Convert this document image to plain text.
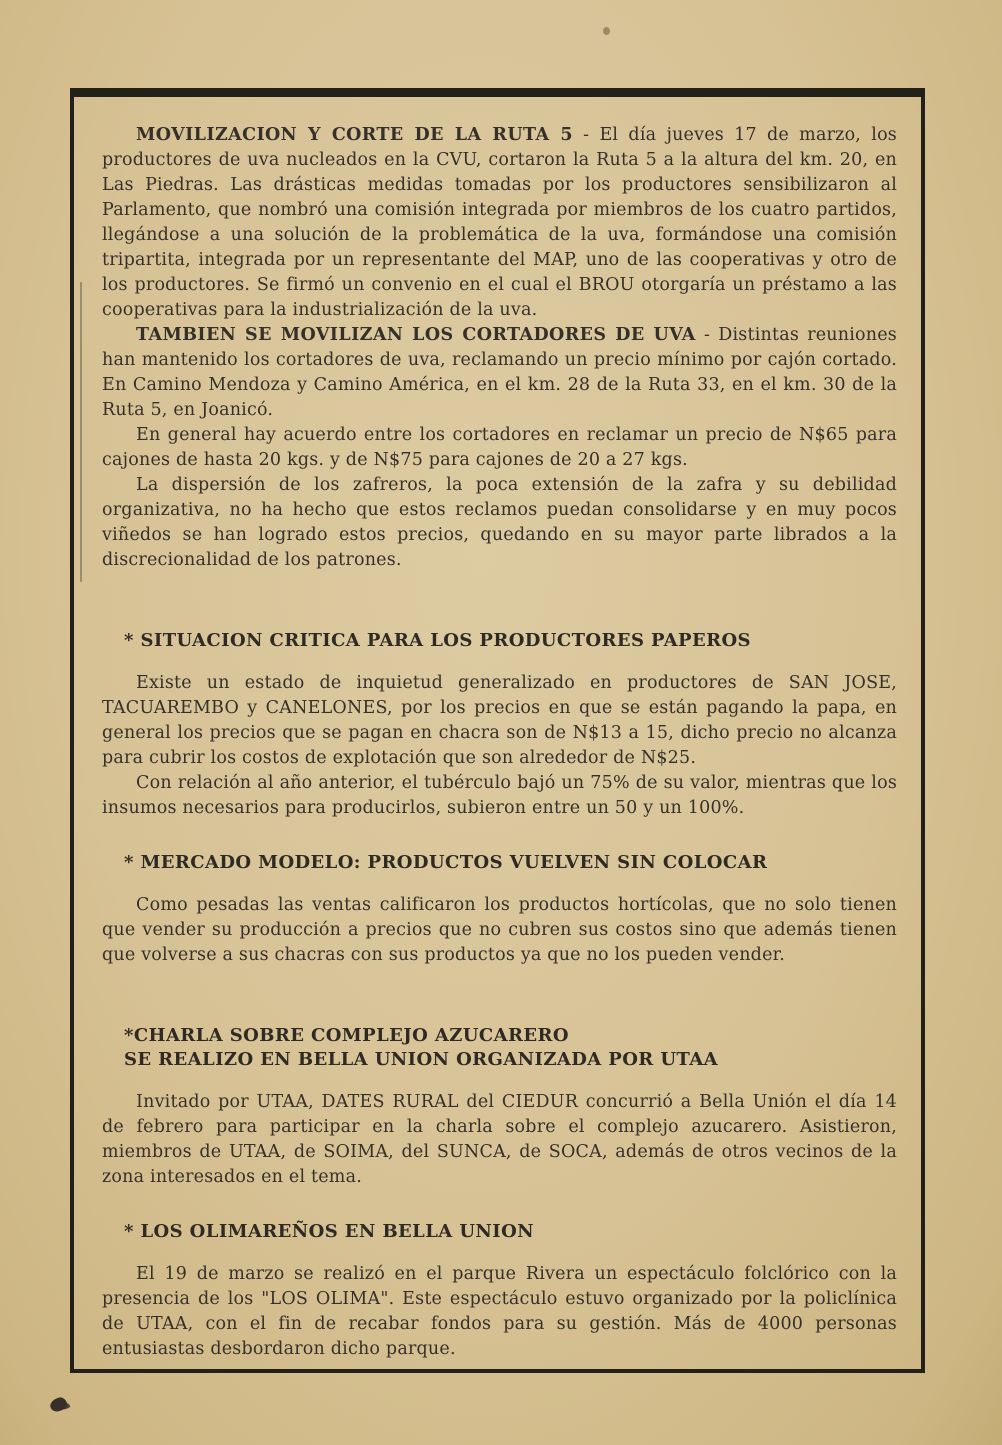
MOVILIZACION Y CORTE DE LA RUTA 5 - El día jueves 17 de marzo, los productores de uva nucleados en la CVU, cortaron la Ruta 5 a la altura del km. 20, en Las Piedras. Las drásticas medidas tomadas por los productores sensibilizaron al Parlamento, que nombró una comisión integrada por miembros de los cuatro partidos, llegándose a una solución de la problemática de la uva, formándose una comisión tripartita, integrada por un representante del MAP, uno de las cooperativas y otro de los productores. Se firmó un convenio en el cual el BROU otorgaría un préstamo a las cooperativas para la industrialización de la uva.

TAMBIEN SE MOVILIZAN LOS CORTADORES DE UVA - Distintas reuniones han mantenido los cortadores de uva, reclamando un precio mínimo por cajón cortado. En Camino Mendoza y Camino América, en el km. 28 de la Ruta 33, en el km. 30 de la Ruta 5, en Joanicó.

En general hay acuerdo entre los cortadores en reclamar un precio de N$65 para cajones de hasta 20 kgs. y de N$75 para cajones de 20 a 27 kgs.

La dispersión de los zafreros, la poca extensión de la zafra y su debilidad organizativa, no ha hecho que estos reclamos puedan consolidarse y en muy pocos viñedos se han logrado estos precios, quedando en su mayor parte librados a la discrecionalidad de los patrones.

* SITUACION CRITICA PARA LOS PRODUCTORES PAPEROS

Existe un estado de inquietud generalizado en productores de SAN JOSE, TACUAREMBO y CANELONES, por los precios en que se están pagando la papa, en general los precios que se pagan en chacra son de N$13 a 15, dicho precio no alcanza para cubrir los costos de explotación que son alrededor de N$25.

Con relación al año anterior, el tubérculo bajó un 75% de su valor, mientras que los insumos necesarios para producirlos, subieron entre un 50 y un 100%.

* MERCADO MODELO: PRODUCTOS VUELVEN SIN COLOCAR

Como pesadas las ventas calificaron los productos hortícolas, que no solo tienen que vender su producción a precios que no cubren sus costos sino que además tienen que volverse a sus chacras con sus productos ya que no los pueden vender.

*CHARLA SOBRE COMPLEJO AZUCARERO
SE REALIZO EN BELLA UNION ORGANIZADA POR UTAA

Invitado por UTAA, DATES RURAL del CIEDUR concurrió a Bella Unión el día 14 de febrero para participar en la charla sobre el complejo azucarero. Asistieron, miembros de UTAA, de SOIMA, del SUNCA, de SOCA, además de otros vecinos de la zona interesados en el tema.

* LOS OLIMAREÑOS EN BELLA UNION

El 19 de marzo se realizó en el parque Rivera un espectáculo folclórico con la presencia de los "LOS OLIMA". Este espectáculo estuvo organizado por la policlínica de UTAA, con el fin de recabar fondos para su gestión. Más de 4000 personas entusiastas desbordaron dicho parque.
